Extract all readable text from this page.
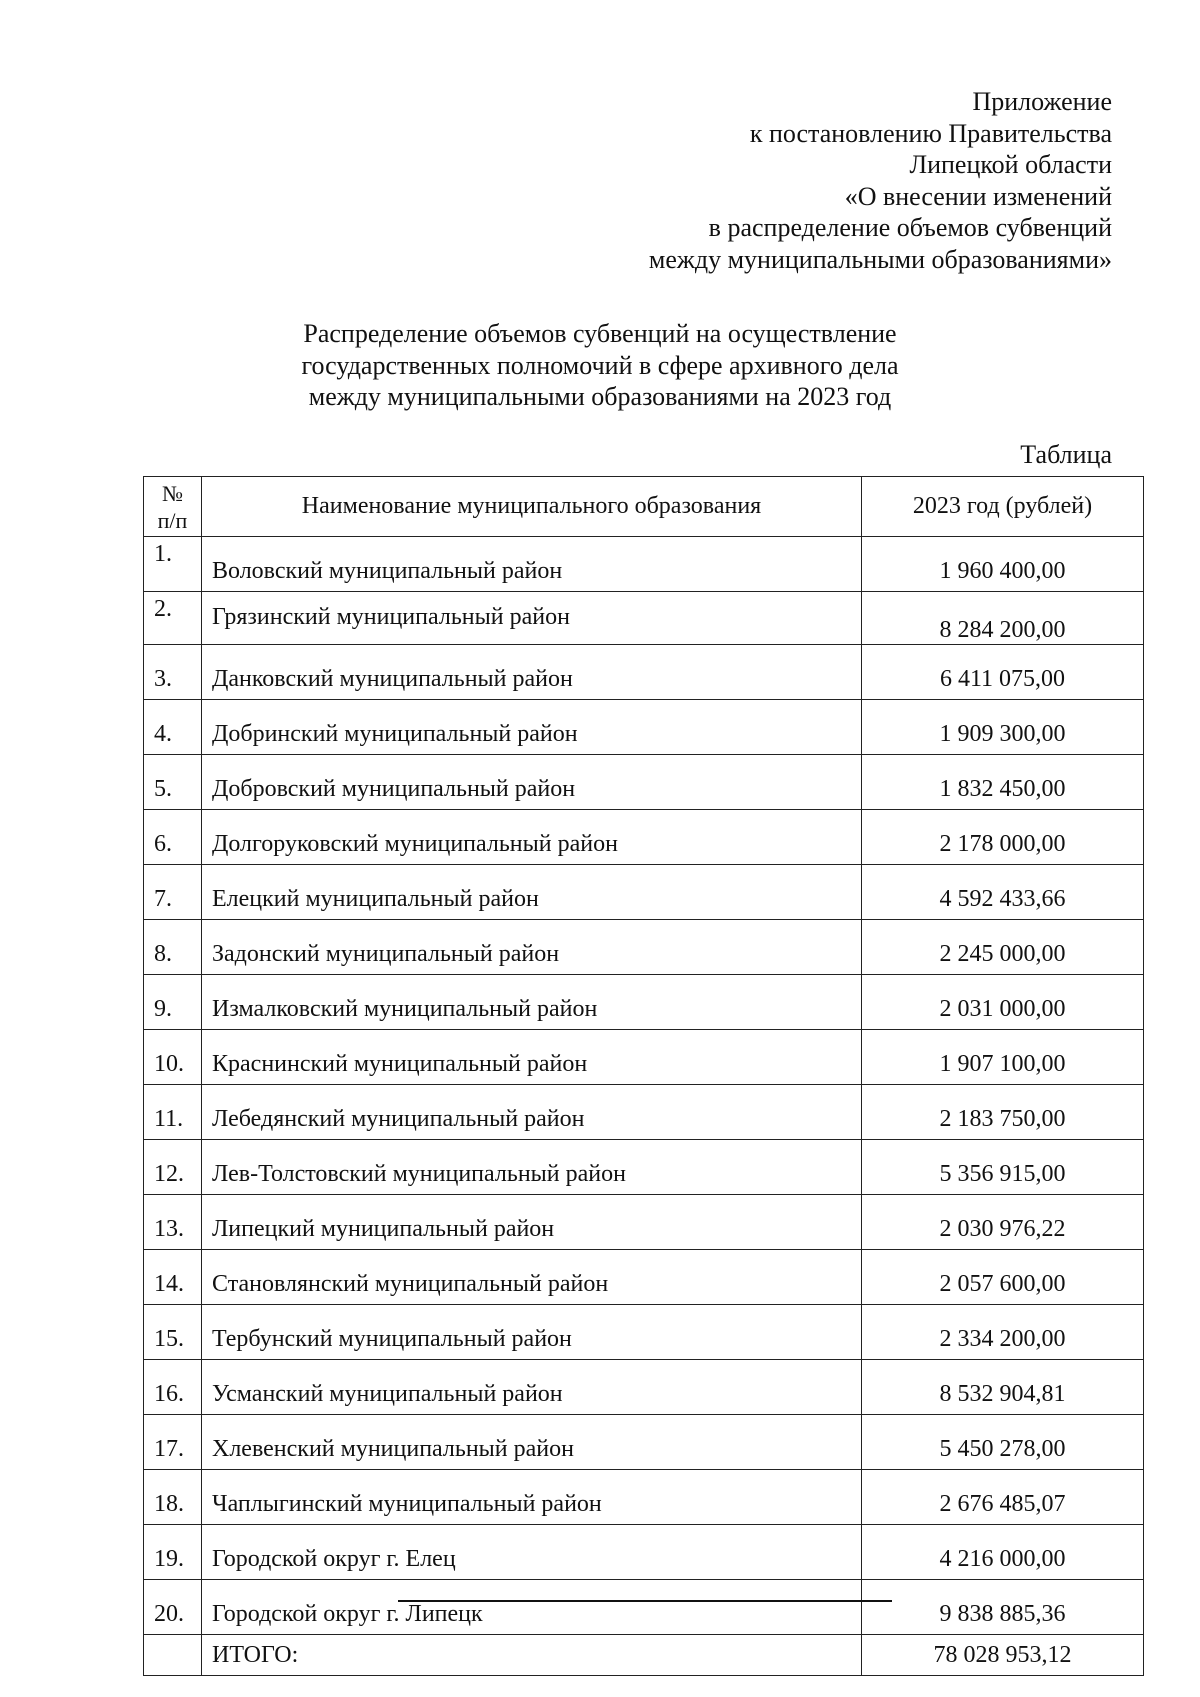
Приложение
к постановлению Правительства
Липецкой области
«О внесении изменений
в распределение объемов субвенций
между муниципальными образованиями»
Распределение объемов субвенций на осуществление
государственных полномочий в сфере архивного дела
между муниципальными образованиями на 2023 год
Таблица
№
п/п	Наименование муниципального образования	2023 год (рублей)
1.	Воловский муниципальный район	1 960 400,00
2.	Грязинский муниципальный район	8 284 200,00
3.	Данковский муниципальный район	6 411 075,00
4.	Добринский муниципальный район	1 909 300,00
5.	Добровский муниципальный район	1 832 450,00
6.	Долгоруковский муниципальный район	2 178 000,00
7.	Елецкий муниципальный район	4 592 433,66
8.	Задонский муниципальный район	2 245 000,00
9.	Измалковский муниципальный район	2 031 000,00
10.	Краснинский муниципальный район	1 907 100,00
11.	Лебедянский муниципальный район	2 183 750,00
12.	Лев-Толстовский муниципальный район	5 356 915,00
13.	Липецкий муниципальный район	2 030 976,22
14.	Становлянский муниципальный район	2 057 600,00
15.	Тербунский муниципальный район	2 334 200,00
16.	Усманский муниципальный район	8 532 904,81
17.	Хлевенский муниципальный район	5 450 278,00
18.	Чаплыгинский муниципальный район	2 676 485,07
19.	Городской округ г. Елец	4 216 000,00
20.	Городской округ г. Липецк	9 838 885,36
	ИТОГО:	78 028 953,12
